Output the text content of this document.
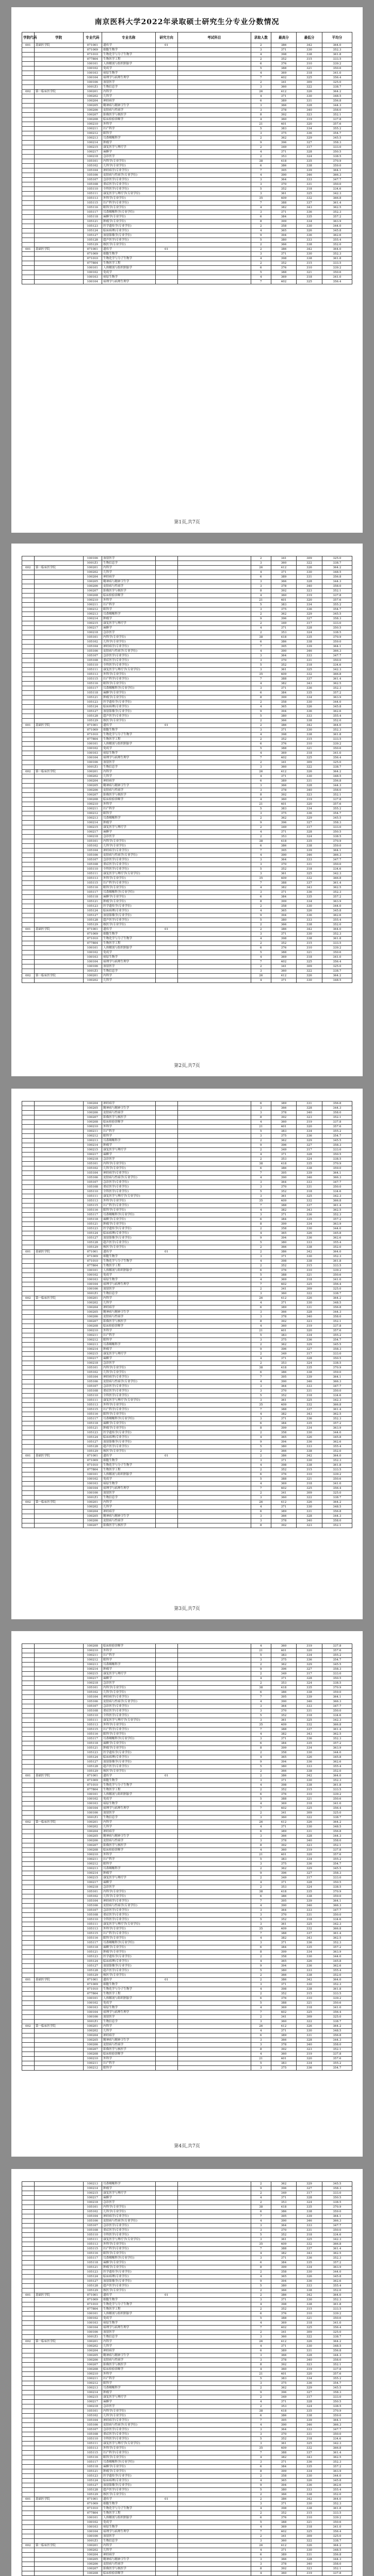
南京医科大学2022年录取硕士研究生分专业分数情况
学院代码	学院	专业代码	专业名称	研究方向	考试科目	录取人数	最高分	最低分	平均分
001	基础医学院	071001	遗传学	01		2	386	342	364.0
		071009	细胞生物学			3	371	330	352.3
		071010	生物化学与分子生物学			4	398	338	361.8
		077804	生物医学工程			2	352	315	333.5
		100101	人体解剖与组织胚胎学			6	376	310	339.2
		100102	免疫学			5	388	321	350.6
		100103	病原生物学			4	369	318	341.0
		100104	病理学与病理生理学			7	402	325	356.4
		100106	放射医学			2	341	309	325.0
		1001Z1	生物信息学			3	360	322	338.7
002	第一临床医学院	100201	内科学			26	412	326	364.2
		100202	儿科学			4	371	330	348.5
		100204	神经病学			6	389	331	356.8
		100205	精神病与精神卫生学			3	366	328	344.3
		100206	皮肤病与性病学			3	378	340	358.0
		100207	影像医学与核医学			8	392	323	352.1
		100208	临床检验诊断学			4	360	319	337.8
		100210	外科学			21	401	320	357.6
		100211	妇产科学			5	383	334	355.2
		100212	眼科学			3	375	336	354.7
		100213	耳鼻咽喉科学			2	362	329	345.5
		100214	肿瘤学			9	396	327	358.3
		100215	康复医学与理疗学			2	349	317	333.0
		100217	麻醉学			4	371	328	350.5
		100218	急诊医学			2	353	324	338.5
		105101	内科学(专业学位)			38	418	335	370.9
		105102	儿科学(专业学位)			6	386	338	359.0
		105104	神经病学(专业学位)			7	395	339	364.1
		105106	皮肤病与性病学(专业学位)			4	390	346	366.3
		105107	急诊医学(专业学位)			3	364	333	347.7
		105108	重症医学(专业学位)			3	370	331	350.0
		105110	全科医学(专业学位)			5	352	318	334.6
		105111	康复医学与理疗学(专业学位)			3	361	325	342.3
		105113	外科学(专业学位)			35	409	332	366.8
		105115	妇产科学(专业学位)			7	388	337	361.4
		105116	眼科学(专业学位)			4	382	343	362.5
		105117	耳鼻咽喉科学(专业学位)			3	371	336	352.3
		105118	麻醉学(专业学位)			6	384	335	357.2
		105121	肿瘤学(专业学位)			8	399	334	363.9
		105123	医学遗传学(专业学位)			2	358	330	344.0
		105124	临床病理(专业学位)			4	365	326	345.8
		105127	放射影像学(专业学位)			9	394	336	362.6
		105128	超声医学(专业学位)			5	380	333	355.4
		105129	核医学(专业学位)			2	366	338	352.0
001	基础医学院	071001	遗传学	01		2	386	342	364.0
		071009	细胞生物学			3	371	330	352.3
		071010	生物化学与分子生物学			4	398	338	361.8
		077804	生物医学工程			2	352	315	333.5
		100101	人体解剖与组织胚胎学			6	376	310	339.2
		100102	免疫学			5	388	321	350.6
		100103	病原生物学			4	369	318	341.0
		100104	病理学与病理生理学			7	402	325	356.4
第1页,共7页
		100106	放射医学			2	341	309	325.0
		1001Z1	生物信息学			3	360	322	338.7
002	第一临床医学院	100201	内科学			26	412	326	364.2
		100202	儿科学			4	371	330	348.5
		100204	神经病学			6	389	331	356.8
		100205	精神病与精神卫生学			3	366	328	344.3
		100206	皮肤病与性病学			3	378	340	358.0
		100207	影像医学与核医学			8	392	323	352.1
		100208	临床检验诊断学			4	360	319	337.8
		100210	外科学			21	401	320	357.6
		100211	妇产科学			5	383	334	355.2
		100212	眼科学			3	375	336	354.7
		100213	耳鼻咽喉科学			2	362	329	345.5
		100214	肿瘤学			9	396	327	358.3
		100215	康复医学与理疗学			2	349	317	333.0
		100217	麻醉学			4	371	328	350.5
		100218	急诊医学			2	353	324	338.5
		105101	内科学(专业学位)			38	418	335	370.9
		105102	儿科学(专业学位)			6	386	338	359.0
		105104	神经病学(专业学位)			7	395	339	364.1
		105106	皮肤病与性病学(专业学位)			4	390	346	366.3
		105107	急诊医学(专业学位)			3	364	333	347.7
		105108	重症医学(专业学位)			3	370	331	350.0
		105110	全科医学(专业学位)			5	352	318	334.6
		105111	康复医学与理疗学(专业学位)			3	361	325	342.3
		105113	外科学(专业学位)			35	409	332	366.8
		105115	妇产科学(专业学位)			7	388	337	361.4
		105116	眼科学(专业学位)			4	382	343	362.5
		105117	耳鼻咽喉科学(专业学位)			3	371	336	352.3
		105118	麻醉学(专业学位)			6	384	335	357.2
		105121	肿瘤学(专业学位)			8	399	334	363.9
		105123	医学遗传学(专业学位)			2	358	330	344.0
		105124	临床病理(专业学位)			4	365	326	345.8
		105127	放射影像学(专业学位)			9	394	336	362.6
		105128	超声医学(专业学位)			5	380	333	355.4
		105129	核医学(专业学位)			2	366	338	352.0
001	基础医学院	071001	遗传学	01		2	386	342	364.0
		071009	细胞生物学			3	371	330	352.3
		071010	生物化学与分子生物学			4	398	338	361.8
		077804	生物医学工程			2	352	315	333.5
		100101	人体解剖与组织胚胎学			6	376	310	339.2
		100102	免疫学			5	388	321	350.6
		100103	病原生物学			4	369	318	341.0
		100104	病理学与病理生理学			7	402	325	356.4
		100106	放射医学			2	341	309	325.0
		1001Z1	生物信息学			3	360	322	338.7
002	第一临床医学院	100201	内科学			26	412	326	364.2
		100202	儿科学			4	371	330	348.5
		100204	神经病学			6	389	331	356.8
		100205	精神病与精神卫生学			3	366	328	344.3
		100206	皮肤病与性病学			3	378	340	358.0
		100207	影像医学与核医学			8	392	323	352.1
		100208	临床检验诊断学			4	360	319	337.8
		100210	外科学			21	401	320	357.6
		100211	妇产科学			5	383	334	355.2
		100212	眼科学			3	375	336	354.7
		100213	耳鼻咽喉科学			2	362	329	345.5
		100214	肿瘤学			9	396	327	358.3
		100215	康复医学与理疗学			2	349	317	333.0
		100217	麻醉学			4	371	328	350.5
		100218	急诊医学			2	353	324	338.5
		105101	内科学(专业学位)			38	418	335	370.9
		105102	儿科学(专业学位)			6	386	338	359.0
		105104	神经病学(专业学位)			7	395	339	364.1
		105106	皮肤病与性病学(专业学位)			4	390	346	366.3
		105107	急诊医学(专业学位)			3	364	333	347.7
		105108	重症医学(专业学位)			3	370	331	350.0
		105110	全科医学(专业学位)			5	352	318	334.6
		105111	康复医学与理疗学(专业学位)			3	361	325	342.3
		105113	外科学(专业学位)			35	409	332	366.8
		105115	妇产科学(专业学位)			7	388	337	361.4
		105116	眼科学(专业学位)			4	382	343	362.5
		105117	耳鼻咽喉科学(专业学位)			3	371	336	352.3
		105118	麻醉学(专业学位)			6	384	335	357.2
		105121	肿瘤学(专业学位)			8	399	334	363.9
		105123	医学遗传学(专业学位)			2	358	330	344.0
		105124	临床病理(专业学位)			4	365	326	345.8
		105127	放射影像学(专业学位)			9	394	336	362.6
		105128	超声医学(专业学位)			5	380	333	355.4
		105129	核医学(专业学位)			2	366	338	352.0
001	基础医学院	071001	遗传学	01		2	386	342	364.0
		071009	细胞生物学			3	371	330	352.3
		071010	生物化学与分子生物学			4	398	338	361.8
		077804	生物医学工程			2	352	315	333.5
		100101	人体解剖与组织胚胎学			6	376	310	339.2
		100102	免疫学			5	388	321	350.6
		100103	病原生物学			4	369	318	341.0
		100104	病理学与病理生理学			7	402	325	356.4
		100106	放射医学			2	341	309	325.0
		1001Z1	生物信息学			3	360	322	338.7
002	第一临床医学院	100201	内科学			26	412	326	364.2
		100202	儿科学			4	371	330	348.5
第2页,共7页
		100204	神经病学			6	389	331	356.8
		100205	精神病与精神卫生学			3	366	328	344.3
		100206	皮肤病与性病学			3	378	340	358.0
		100207	影像医学与核医学			8	392	323	352.1
		100208	临床检验诊断学			4	360	319	337.8
		100210	外科学			21	401	320	357.6
		100211	妇产科学			5	383	334	355.2
		100212	眼科学			3	375	336	354.7
		100213	耳鼻咽喉科学			2	362	329	345.5
		100214	肿瘤学			9	396	327	358.3
		100215	康复医学与理疗学			2	349	317	333.0
		100217	麻醉学			4	371	328	350.5
		100218	急诊医学			2	353	324	338.5
		105101	内科学(专业学位)			38	418	335	370.9
		105102	儿科学(专业学位)			6	386	338	359.0
		105104	神经病学(专业学位)			7	395	339	364.1
		105106	皮肤病与性病学(专业学位)			4	390	346	366.3
		105107	急诊医学(专业学位)			3	364	333	347.7
		105108	重症医学(专业学位)			3	370	331	350.0
		105110	全科医学(专业学位)			5	352	318	334.6
		105111	康复医学与理疗学(专业学位)			3	361	325	342.3
		105113	外科学(专业学位)			35	409	332	366.8
		105115	妇产科学(专业学位)			7	388	337	361.4
		105116	眼科学(专业学位)			4	382	343	362.5
		105117	耳鼻咽喉科学(专业学位)			3	371	336	352.3
		105118	麻醉学(专业学位)			6	384	335	357.2
		105121	肿瘤学(专业学位)			8	399	334	363.9
		105123	医学遗传学(专业学位)			2	358	330	344.0
		105124	临床病理(专业学位)			4	365	326	345.8
		105127	放射影像学(专业学位)			9	394	336	362.6
		105128	超声医学(专业学位)			5	380	333	355.4
		105129	核医学(专业学位)			2	366	338	352.0
001	基础医学院	071001	遗传学	01		2	386	342	364.0
		071009	细胞生物学			3	371	330	352.3
		071010	生物化学与分子生物学			4	398	338	361.8
		077804	生物医学工程			2	352	315	333.5
		100101	人体解剖与组织胚胎学			6	376	310	339.2
		100102	免疫学			5	388	321	350.6
		100103	病原生物学			4	369	318	341.0
		100104	病理学与病理生理学			7	402	325	356.4
		100106	放射医学			2	341	309	325.0
		1001Z1	生物信息学			3	360	322	338.7
002	第一临床医学院	100201	内科学			26	412	326	364.2
		100202	儿科学			4	371	330	348.5
		100204	神经病学			6	389	331	356.8
		100205	精神病与精神卫生学			3	366	328	344.3
		100206	皮肤病与性病学			3	378	340	358.0
		100207	影像医学与核医学			8	392	323	352.1
		100208	临床检验诊断学			4	360	319	337.8
		100210	外科学			21	401	320	357.6
		100211	妇产科学			5	383	334	355.2
		100212	眼科学			3	375	336	354.7
		100213	耳鼻咽喉科学			2	362	329	345.5
		100214	肿瘤学			9	396	327	358.3
		100215	康复医学与理疗学			2	349	317	333.0
		100217	麻醉学			4	371	328	350.5
		100218	急诊医学			2	353	324	338.5
		105101	内科学(专业学位)			38	418	335	370.9
		105102	儿科学(专业学位)			6	386	338	359.0
		105104	神经病学(专业学位)			7	395	339	364.1
		105106	皮肤病与性病学(专业学位)			4	390	346	366.3
		105107	急诊医学(专业学位)			3	364	333	347.7
		105108	重症医学(专业学位)			3	370	331	350.0
		105110	全科医学(专业学位)			5	352	318	334.6
		105111	康复医学与理疗学(专业学位)			3	361	325	342.3
		105113	外科学(专业学位)			35	409	332	366.8
		105115	妇产科学(专业学位)			7	388	337	361.4
		105116	眼科学(专业学位)			4	382	343	362.5
		105117	耳鼻咽喉科学(专业学位)			3	371	336	352.3
		105118	麻醉学(专业学位)			6	384	335	357.2
		105121	肿瘤学(专业学位)			8	399	334	363.9
		105123	医学遗传学(专业学位)			2	358	330	344.0
		105124	临床病理(专业学位)			4	365	326	345.8
		105127	放射影像学(专业学位)			9	394	336	362.6
		105128	超声医学(专业学位)			5	380	333	355.4
		105129	核医学(专业学位)			2	366	338	352.0
001	基础医学院	071001	遗传学	01		2	386	342	364.0
		071009	细胞生物学			3	371	330	352.3
		071010	生物化学与分子生物学			4	398	338	361.8
		077804	生物医学工程			2	352	315	333.5
		100101	人体解剖与组织胚胎学			6	376	310	339.2
		100102	免疫学			5	388	321	350.6
		100103	病原生物学			4	369	318	341.0
		100104	病理学与病理生理学			7	402	325	356.4
		100106	放射医学			2	341	309	325.0
		1001Z1	生物信息学			3	360	322	338.7
002	第一临床医学院	100201	内科学			26	412	326	364.2
		100202	儿科学			4	371	330	348.5
		100204	神经病学			6	389	331	356.8
		100205	精神病与精神卫生学			3	366	328	344.3
		100206	皮肤病与性病学			3	378	340	358.0
		100207	影像医学与核医学			8	392	323	352.1
第3页,共7页
		100208	临床检验诊断学			4	360	319	337.8
		100210	外科学			21	401	320	357.6
		100211	妇产科学			5	383	334	355.2
		100212	眼科学			3	375	336	354.7
		100213	耳鼻咽喉科学			2	362	329	345.5
		100214	肿瘤学			9	396	327	358.3
		100215	康复医学与理疗学			2	349	317	333.0
		100217	麻醉学			4	371	328	350.5
		100218	急诊医学			2	353	324	338.5
		105101	内科学(专业学位)			38	418	335	370.9
		105102	儿科学(专业学位)			6	386	338	359.0
		105104	神经病学(专业学位)			7	395	339	364.1
		105106	皮肤病与性病学(专业学位)			4	390	346	366.3
		105107	急诊医学(专业学位)			3	364	333	347.7
		105108	重症医学(专业学位)			3	370	331	350.0
		105110	全科医学(专业学位)			5	352	318	334.6
		105111	康复医学与理疗学(专业学位)			3	361	325	342.3
		105113	外科学(专业学位)			35	409	332	366.8
		105115	妇产科学(专业学位)			7	388	337	361.4
		105116	眼科学(专业学位)			4	382	343	362.5
		105117	耳鼻咽喉科学(专业学位)			3	371	336	352.3
		105118	麻醉学(专业学位)			6	384	335	357.2
		105121	肿瘤学(专业学位)			8	399	334	363.9
		105123	医学遗传学(专业学位)			2	358	330	344.0
		105124	临床病理(专业学位)			4	365	326	345.8
		105127	放射影像学(专业学位)			9	394	336	362.6
		105128	超声医学(专业学位)			5	380	333	355.4
		105129	核医学(专业学位)			2	366	338	352.0
001	基础医学院	071001	遗传学	01		2	386	342	364.0
		071009	细胞生物学			3	371	330	352.3
		071010	生物化学与分子生物学			4	398	338	361.8
		077804	生物医学工程			2	352	315	333.5
		100101	人体解剖与组织胚胎学			6	376	310	339.2
		100102	免疫学			5	388	321	350.6
		100103	病原生物学			4	369	318	341.0
		100104	病理学与病理生理学			7	402	325	356.4
		100106	放射医学			2	341	309	325.0
		1001Z1	生物信息学			3	360	322	338.7
002	第一临床医学院	100201	内科学			26	412	326	364.2
		100202	儿科学			4	371	330	348.5
		100204	神经病学			6	389	331	356.8
		100205	精神病与精神卫生学			3	366	328	344.3
		100206	皮肤病与性病学			3	378	340	358.0
		100207	影像医学与核医学			8	392	323	352.1
		100208	临床检验诊断学			4	360	319	337.8
		100210	外科学			21	401	320	357.6
		100211	妇产科学			5	383	334	355.2
		100212	眼科学			3	375	336	354.7
		100213	耳鼻咽喉科学			2	362	329	345.5
		100214	肿瘤学			9	396	327	358.3
		100215	康复医学与理疗学			2	349	317	333.0
		100217	麻醉学			4	371	328	350.5
		100218	急诊医学			2	353	324	338.5
		105101	内科学(专业学位)			38	418	335	370.9
		105102	儿科学(专业学位)			6	386	338	359.0
		105104	神经病学(专业学位)			7	395	339	364.1
		105106	皮肤病与性病学(专业学位)			4	390	346	366.3
		105107	急诊医学(专业学位)			3	364	333	347.7
		105108	重症医学(专业学位)			3	370	331	350.0
		105110	全科医学(专业学位)			5	352	318	334.6
		105111	康复医学与理疗学(专业学位)			3	361	325	342.3
		105113	外科学(专业学位)			35	409	332	366.8
		105115	妇产科学(专业学位)			7	388	337	361.4
		105116	眼科学(专业学位)			4	382	343	362.5
		105117	耳鼻咽喉科学(专业学位)			3	371	336	352.3
		105118	麻醉学(专业学位)			6	384	335	357.2
		105121	肿瘤学(专业学位)			8	399	334	363.9
		105123	医学遗传学(专业学位)			2	358	330	344.0
		105124	临床病理(专业学位)			4	365	326	345.8
		105127	放射影像学(专业学位)			9	394	336	362.6
		105128	超声医学(专业学位)			5	380	333	355.4
		105129	核医学(专业学位)			2	366	338	352.0
001	基础医学院	071001	遗传学	01		2	386	342	364.0
		071009	细胞生物学			3	371	330	352.3
		071010	生物化学与分子生物学			4	398	338	361.8
		077804	生物医学工程			2	352	315	333.5
		100101	人体解剖与组织胚胎学			6	376	310	339.2
		100102	免疫学			5	388	321	350.6
		100103	病原生物学			4	369	318	341.0
		100104	病理学与病理生理学			7	402	325	356.4
		100106	放射医学			2	341	309	325.0
		1001Z1	生物信息学			3	360	322	338.7
002	第一临床医学院	100201	内科学			26	412	326	364.2
		100202	儿科学			4	371	330	348.5
		100204	神经病学			6	389	331	356.8
		100205	精神病与精神卫生学			3	366	328	344.3
		100206	皮肤病与性病学			3	378	340	358.0
		100207	影像医学与核医学			8	392	323	352.1
		100208	临床检验诊断学			4	360	319	337.8
		100210	外科学			21	401	320	357.6
		100211	妇产科学			5	383	334	355.2
		100212	眼科学			3	375	336	354.7
第4页,共7页
		100213	耳鼻咽喉科学			2	362	329	345.5
		100214	肿瘤学			9	396	327	358.3
		100215	康复医学与理疗学			2	349	317	333.0
		100217	麻醉学			4	371	328	350.5
		100218	急诊医学			2	353	324	338.5
		105101	内科学(专业学位)			38	418	335	370.9
		105102	儿科学(专业学位)			6	386	338	359.0
		105104	神经病学(专业学位)			7	395	339	364.1
		105106	皮肤病与性病学(专业学位)			4	390	346	366.3
		105107	急诊医学(专业学位)			3	364	333	347.7
		105108	重症医学(专业学位)			3	370	331	350.0
		105110	全科医学(专业学位)			5	352	318	334.6
		105111	康复医学与理疗学(专业学位)			3	361	325	342.3
		105113	外科学(专业学位)			35	409	332	366.8
		105115	妇产科学(专业学位)			7	388	337	361.4
		105116	眼科学(专业学位)			4	382	343	362.5
		105117	耳鼻咽喉科学(专业学位)			3	371	336	352.3
		105118	麻醉学(专业学位)			6	384	335	357.2
		105121	肿瘤学(专业学位)			8	399	334	363.9
		105123	医学遗传学(专业学位)			2	358	330	344.0
		105124	临床病理(专业学位)			4	365	326	345.8
		105127	放射影像学(专业学位)			9	394	336	362.6
		105128	超声医学(专业学位)			5	380	333	355.4
		105129	核医学(专业学位)			2	366	338	352.0
001	基础医学院	071001	遗传学	01		2	386	342	364.0
		071009	细胞生物学			3	371	330	352.3
		071010	生物化学与分子生物学			4	398	338	361.8
		077804	生物医学工程			2	352	315	333.5
		100101	人体解剖与组织胚胎学			6	376	310	339.2
		100102	免疫学			5	388	321	350.6
		100103	病原生物学			4	369	318	341.0
		100104	病理学与病理生理学			7	402	325	356.4
		100106	放射医学			2	341	309	325.0
		1001Z1	生物信息学			3	360	322	338.7
002	第一临床医学院	100201	内科学			26	412	326	364.2
		100202	儿科学			4	371	330	348.5
		100204	神经病学			6	389	331	356.8
		100205	精神病与精神卫生学			3	366	328	344.3
		100206	皮肤病与性病学			3	378	340	358.0
		100207	影像医学与核医学			8	392	323	352.1
		100208	临床检验诊断学			4	360	319	337.8
		100210	外科学			21	401	320	357.6
		100211	妇产科学			5	383	334	355.2
		100212	眼科学			3	375	336	354.7
		100213	耳鼻咽喉科学			2	362	329	345.5
		100214	肿瘤学			9	396	327	358.3
		100215	康复医学与理疗学			2	349	317	333.0
		100217	麻醉学			4	371	328	350.5
		100218	急诊医学			2	353	324	338.5
		105101	内科学(专业学位)			38	418	335	370.9
		105102	儿科学(专业学位)			6	386	338	359.0
		105104	神经病学(专业学位)			7	395	339	364.1
		105106	皮肤病与性病学(专业学位)			4	390	346	366.3
		105107	急诊医学(专业学位)			3	364	333	347.7
		105108	重症医学(专业学位)			3	370	331	350.0
		105110	全科医学(专业学位)			5	352	318	334.6
		105111	康复医学与理疗学(专业学位)			3	361	325	342.3
		105113	外科学(专业学位)			35	409	332	366.8
		105115	妇产科学(专业学位)			7	388	337	361.4
		105116	眼科学(专业学位)			4	382	343	362.5
		105117	耳鼻咽喉科学(专业学位)			3	371	336	352.3
		105118	麻醉学(专业学位)			6	384	335	357.2
		105121	肿瘤学(专业学位)			8	399	334	363.9
		105123	医学遗传学(专业学位)			2	358	330	344.0
		105124	临床病理(专业学位)			4	365	326	345.8
		105127	放射影像学(专业学位)			9	394	336	362.6
		105128	超声医学(专业学位)			5	380	333	355.4
		105129	核医学(专业学位)			2	366	338	352.0
001	基础医学院	071001	遗传学	01		2	386	342	364.0
		071009	细胞生物学			3	371	330	352.3
		071010	生物化学与分子生物学			4	398	338	361.8
		077804	生物医学工程			2	352	315	333.5
		100101	人体解剖与组织胚胎学			6	376	310	339.2
		100102	免疫学			5	388	321	350.6
		100103	病原生物学			4	369	318	341.0
		100104	病理学与病理生理学			7	402	325	356.4
		100106	放射医学			2	341	309	325.0
		1001Z1	生物信息学			3	360	322	338.7
002	第一临床医学院	100201	内科学			26	412	326	364.2
		100202	儿科学			4	371	330	348.5
		100204	神经病学			6	389	331	356.8
		100205	精神病与精神卫生学			3	366	328	344.3
		100206	皮肤病与性病学			3	378	340	358.0
		100207	影像医学与核医学			8	392	323	352.1
		100208	临床检验诊断学			4	360	319	337.8
